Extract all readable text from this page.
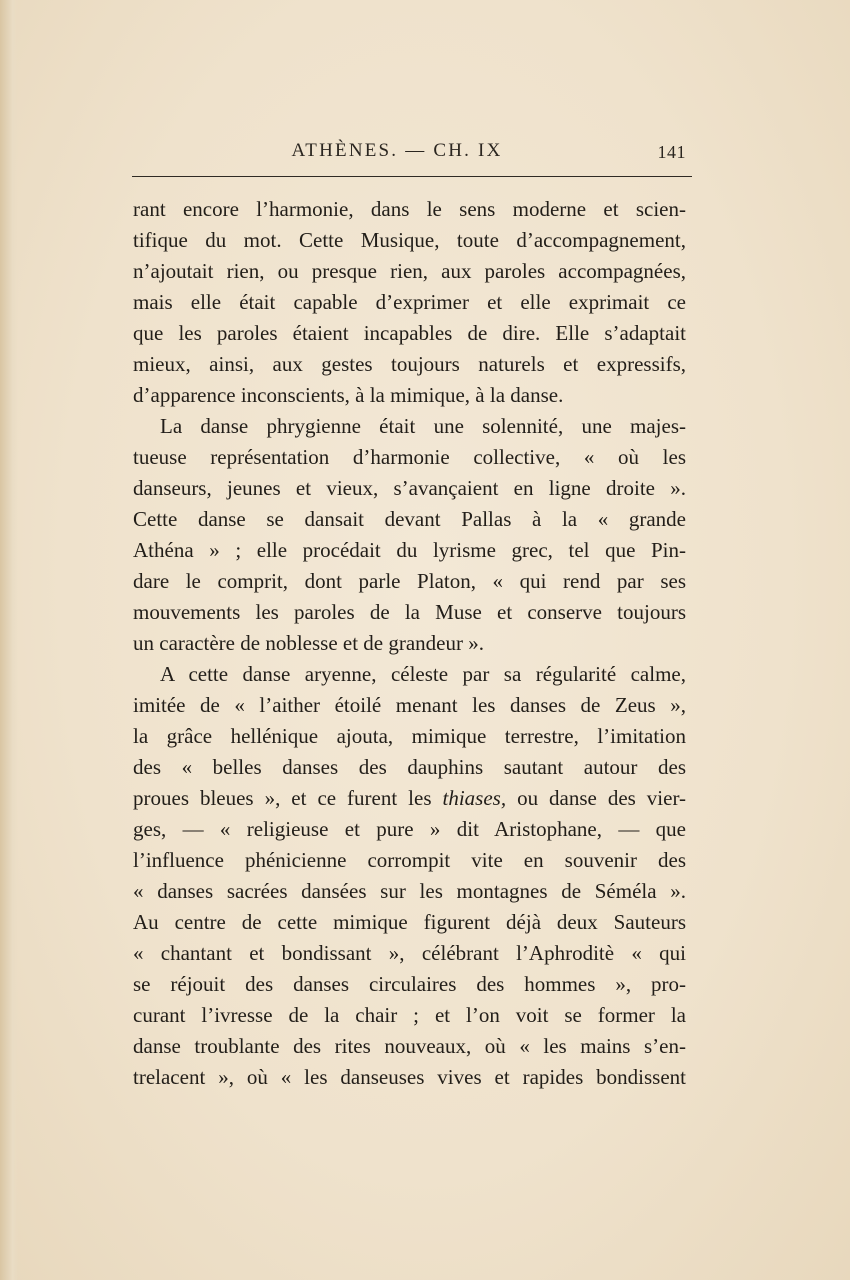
ATHÈNES. — CH. IX	141
rant encore l’harmonie, dans le sens moderne et scien-
tifique du mot. Cette Musique, toute d’accompagnement,
n’ajoutait rien, ou presque rien, aux paroles accompagnées,
mais elle était capable d’exprimer et elle exprimait ce
que les paroles étaient incapables de dire. Elle s’adaptait
mieux, ainsi, aux gestes toujours naturels et expressifs,
d’apparence inconscients, à la mimique, à la danse.
La danse phrygienne était une solennité, une majes-
tueuse représentation d’harmonie collective, « où les
danseurs, jeunes et vieux, s’avançaient en ligne droite ».
Cette danse se dansait devant Pallas à la « grande
Athéna » ; elle procédait du lyrisme grec, tel que Pin-
dare le comprit, dont parle Platon, « qui rend par ses
mouvements les paroles de la Muse et conserve toujours
un caractère de noblesse et de grandeur ».
A cette danse aryenne, céleste par sa régularité calme,
imitée de « l’aither étoilé menant les danses de Zeus »,
la grâce hellénique ajouta, mimique terrestre, l’imitation
des « belles danses des dauphins sautant autour des
proues bleues », et ce furent les thiases, ou danse des vier-
ges, — « religieuse et pure » dit Aristophane, — que
l’influence phénicienne corrompit vite en souvenir des
« danses sacrées dansées sur les montagnes de Séméla ».
Au centre de cette mimique figurent déjà deux Sauteurs
« chantant et bondissant », célébrant l’Aphroditè « qui
se réjouit des danses circulaires des hommes », pro-
curant l’ivresse de la chair ; et l’on voit se former la
danse troublante des rites nouveaux, où « les mains s’en-
trelacent », où « les danseuses vives et rapides bondissent
